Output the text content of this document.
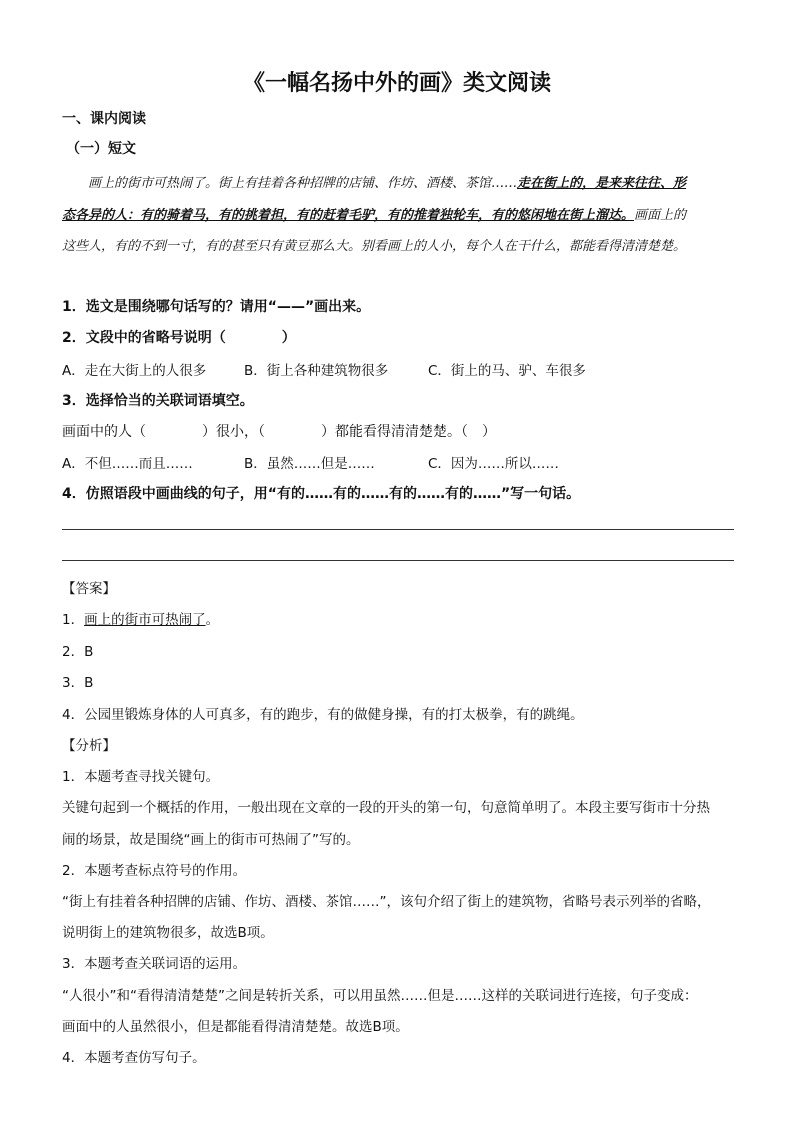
《一幅名扬中外的画》类文阅读
一、课内阅读
（一）短文
画上的街市可热闹了。街上有挂着各种招牌的店铺、作坊、酒楼、茶馆……走在街上的，是来来往往、形
态各异的人：有的骑着马，有的挑着担，有的赶着毛驴，有的推着独轮车，有的悠闲地在街上溜达。画面上的
这些人，有的不到一寸，有的甚至只有黄豆那么大。别看画上的人小，每个人在干什么，都能看得清清楚楚。
1．选文是围绕哪句话写的？请用“——”画出来。
2．文段中的省略号说明（　　　　）
A．走在大街上的人很多	B．街上各种建筑物很多	C．街上的马、驴、车很多
3．选择恰当的关联词语填空。
画面中的人（　　　　）很小，（　　　　）都能看得清清楚楚。（　）
A．不但……而且……	B．虽然……但是……	C．因为……所以……
4．仿照语段中画曲线的句子，用“有的……有的……有的……有的……”写一句话。
【答案】
1．画上的街市可热闹了。
2．B
3．B
4．公园里锻炼身体的人可真多，有的跑步，有的做健身操，有的打太极拳，有的跳绳。
【分析】
1．本题考查寻找关键句。
关键句起到一个概括的作用，一般出现在文章的一段的开头的第一句，句意简单明了。本段主要写街市十分热
闹的场景，故是围绕“画上的街市可热闹了”写的。
2．本题考查标点符号的作用。
“街上有挂着各种招牌的店铺、作坊、酒楼、茶馆……”，该句介绍了街上的建筑物，省略号表示列举的省略，
说明街上的建筑物很多，故选B项。
3．本题考查关联词语的运用。
“人很小”和“看得清清楚楚”之间是转折关系，可以用虽然……但是……这样的关联词进行连接，句子变成：
画面中的人虽然很小，但是都能看得清清楚楚。故选B项。
4．本题考查仿写句子。
